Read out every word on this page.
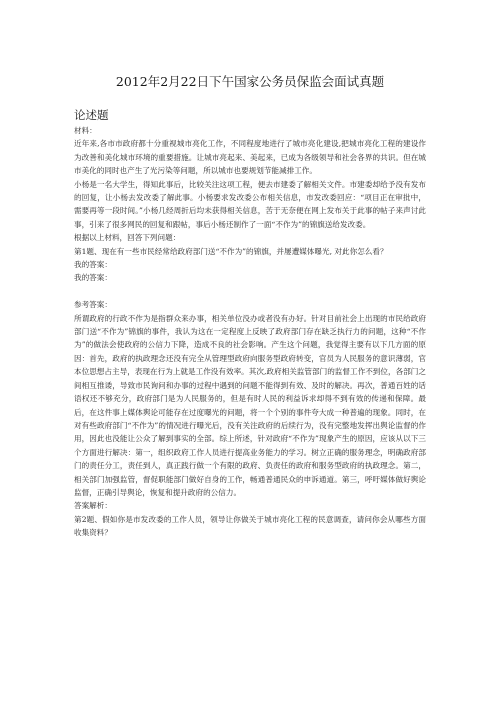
2012年2月22日下午国家公务员保监会面试真题
论述题

材料：

近年来,各市市政府都十分重视城市亮化工作，不同程度地进行了城市亮化建设,把城市亮化工程的建设作为改善和美化城市环境的重要措施。让城市亮起来、美起来，已成为各级领导和社会各界的共识。但在城市美化的同时也产生了光污染等问题，所以城市也要规划节能减排工作。

小杨是一名大学生，得知此事后，比较关注这项工程，便去市建委了解相关文件。市建委却给予没有发布的回复，让小杨去发改委了解此事。小杨要求发改委公布相关信息，市发改委回应：“项目正在审批中，需要再等一段时间。”小杨几经周折后均未获得相关信息，苦于无奈便在网上发布关于此事的帖子来声讨此事，引来了很多网民的回复和跟帖，事后小杨还制作了一面“不作为”的锦旗送给发改委。

根据以上材料，回答下列问题：

第1题、现在有一些市民经常给政府部门送“不作为”的锦旗，并屡遭媒体曝光, 对此你怎么看？

我的答案：

我的答案：

参考答案：

所谓政府的行政不作为是指群众来办事，相关单位没办或者没有办好。针对目前社会上出现的市民给政府部门送“不作为”锦旗的事件，我认为这在一定程度上反映了政府部门存在缺乏执行力的问题，这种“不作为”的做法会使政府的公信力下降，造成不良的社会影响。产生这个问题，我觉得主要有以下几方面的原因：首先，政府的执政理念还没有完全从管理型政府向服务型政府转变，官员为人民服务的意识薄弱，官本位思想占主导，表现在行为上就是工作没有效率。其次,政府相关监管部门的监督工作不到位，各部门之间相互推诿，导致市民询问和办事的过程中遇到的问题不能得到有效、及时的解决。再次，普通百姓的话语权还不够充分，政府部门是为人民服务的，但是有时人民的利益诉求却得不到有效的传递和保障。最后，在这件事上媒体舆论可能存在过度曝光的问题，将一个个别的事件夸大成一种普遍的现象。同时，在对有些政府部门“不作为”的情况进行曝光后，没有关注政府的后续行为，没有完整地发挥出舆论监督的作用，因此也没能让公众了解到事实的全部。综上所述，针对政府“不作为”现象产生的原因，应该从以下三个方面进行解决：第一，组织政府工作人员进行提高业务能力的学习。树立正确的服务理念，明确政府部门的责任分工，责任到人，真正践行做一个有限的政府、负责任的政府和服务型政府的执政理念。第二，相关部门加强监管，督促职能部门做好自身的工作，畅通普通民众的申诉通道。第三，呼吁媒体做好舆论监督，正确引导舆论，恢复和提升政府的公信力。

答案解析：

第2题、假如你是市发改委的工作人员，领导让你做关于城市亮化工程的民意调查，请问你会从哪些方面收集资料？
